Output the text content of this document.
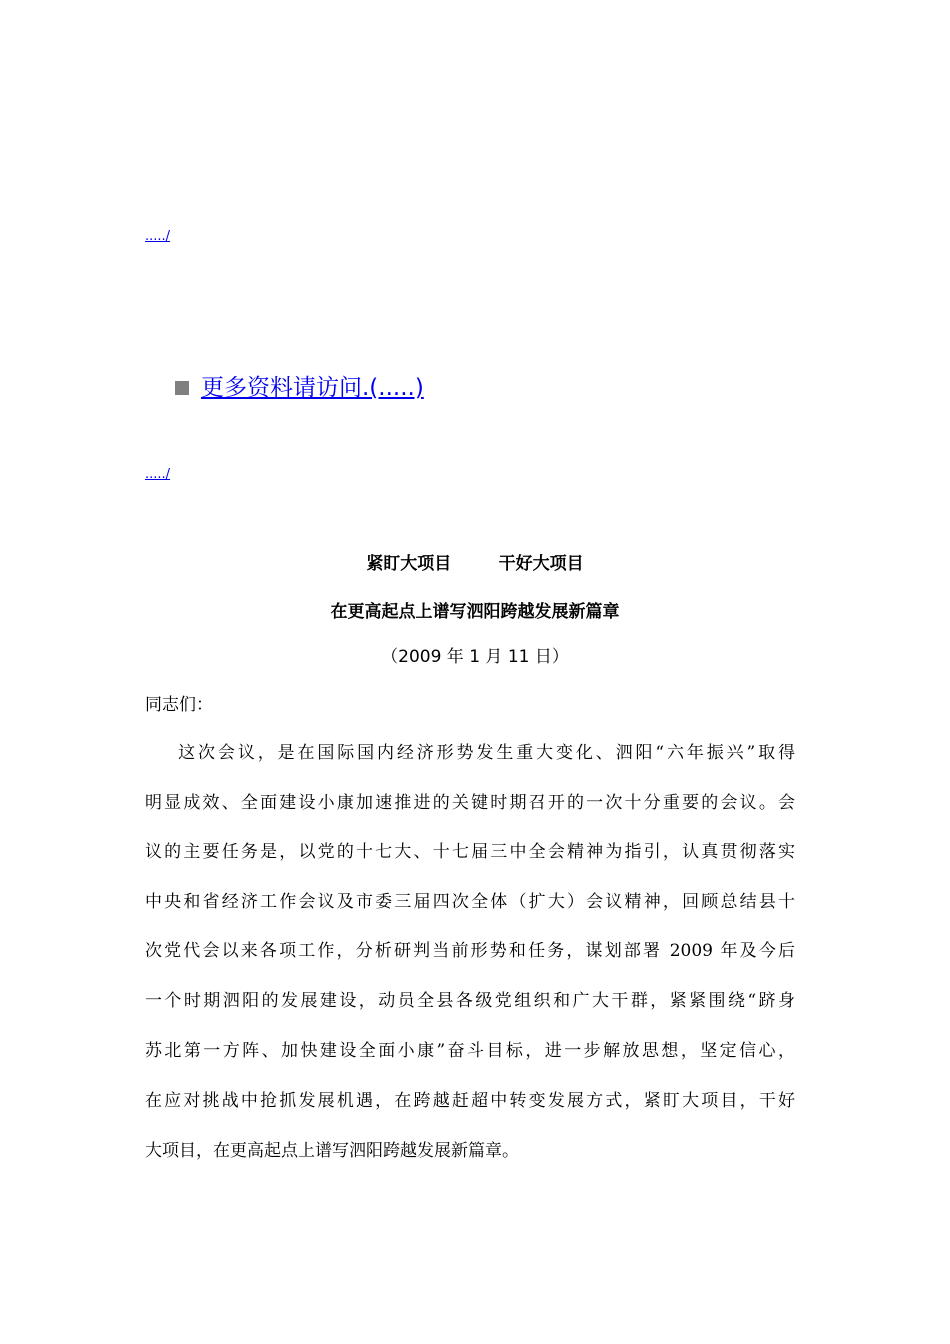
...../
更多资料请访问.(.....)
...../
紧盯大项目        干好大项目
在更高起点上谱写泗阳跨越发展新篇章
（2009 年 1 月 11 日）
同志们：
这次会议，是在国际国内经济形势发生重大变化、泗阳“六年振兴”取得
明显成效、全面建设小康加速推进的关键时期召开的一次十分重要的会议。会
议的主要任务是，以党的十七大、十七届三中全会精神为指引，认真贯彻落实
中央和省经济工作会议及市委三届四次全体（扩大）会议精神，回顾总结县十
次党代会以来各项工作，分析研判当前形势和任务，谋划部署 2009 年及今后
一个时期泗阳的发展建设，动员全县各级党组织和广大干群，紧紧围绕“跻身
苏北第一方阵、加快建设全面小康”奋斗目标，进一步解放思想，坚定信心，
在应对挑战中抢抓发展机遇，在跨越赶超中转变发展方式，紧盯大项目，干好
大项目，在更高起点上谱写泗阳跨越发展新篇章。
